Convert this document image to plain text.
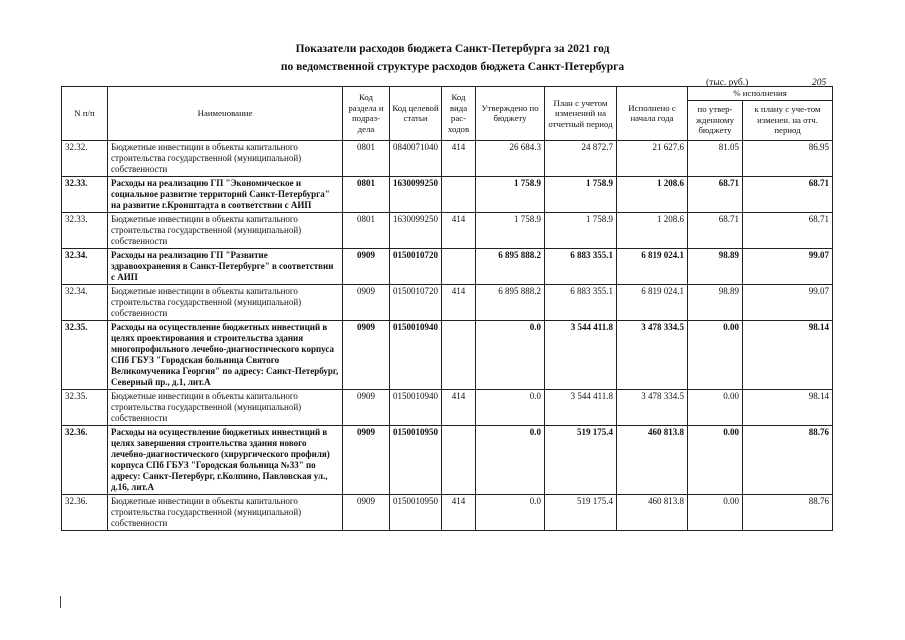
Показатели расходов бюджета Санкт-Петербурга за 2021 год
по ведомственной структуре расходов бюджета Санкт-Петербурга
(тыс. руб.)	205
N п/п	Наименование	Код раздела и подраз-дела	Код целевой статьи	Код вида рас-ходов	Утверждено по бюджету	План с учетом изменений на отчетный период	Исполнено с начала года	% исполнения	
								по утвер-жденному бюджету	к плану с уче-том изменен. на отч. период
32.32.	Бюджетные инвестиции в объекты капитального строительства государственной (муниципальной) собственности	0801	0840071040	414	26 684.3	24 872.7	21 627.6	81.05	86.95
32.33.	Расходы на реализацию ГП "Экономическое и социальное развитие территорий Санкт-Петербурга" на развитие г.Кронштадта в соответствии с АИП	0801	1630099250		1 758.9	1 758.9	1 208.6	68.71	68.71
32.33.	Бюджетные инвестиции в объекты капитального строительства государственной (муниципальной) собственности	0801	1630099250	414	1 758.9	1 758.9	1 208.6	68.71	68.71
32.34.	Расходы на реализацию ГП "Развитие здравоохранения в Санкт-Петербурге" в соответствии с АИП	0909	0150010720		6 895 888.2	6 883 355.1	6 819 024.1	98.89	99.07
32.34.	Бюджетные инвестиции в объекты капитального строительства государственной (муниципальной) собственности	0909	0150010720	414	6 895 888.2	6 883 355.1	6 819 024.1	98.89	99.07
32.35.	Расходы на осуществление бюджетных инвестиций в целях проектирования и строительства здания многопрофильного лечебно-диагностического корпуса СПб ГБУЗ "Городская больница Святого Великомученика Георгия" по адресу: Санкт-Петербург, Северный пр., д.1, лит.А	0909	0150010940		0.0	3 544 411.8	3 478 334.5	0.00	98.14
32.35.	Бюджетные инвестиции в объекты капитального строительства государственной (муниципальной) собственности	0909	0150010940	414	0.0	3 544 411.8	3 478 334.5	0.00	98.14
32.36.	Расходы на осуществление бюджетных инвестиций в целях завершения строительства здания нового лечебно-диагностического (хирургического профиля) корпуса СПб ГБУЗ "Городская больница №33" по адресу: Санкт-Петербург, г.Колпино, Павловская ул., д.16, лит.А	0909	0150010950		0.0	519 175.4	460 813.8	0.00	88.76
32.36.	Бюджетные инвестиции в объекты капитального строительства государственной (муниципальной) собственности	0909	0150010950	414	0.0	519 175.4	460 813.8	0.00	88.76
